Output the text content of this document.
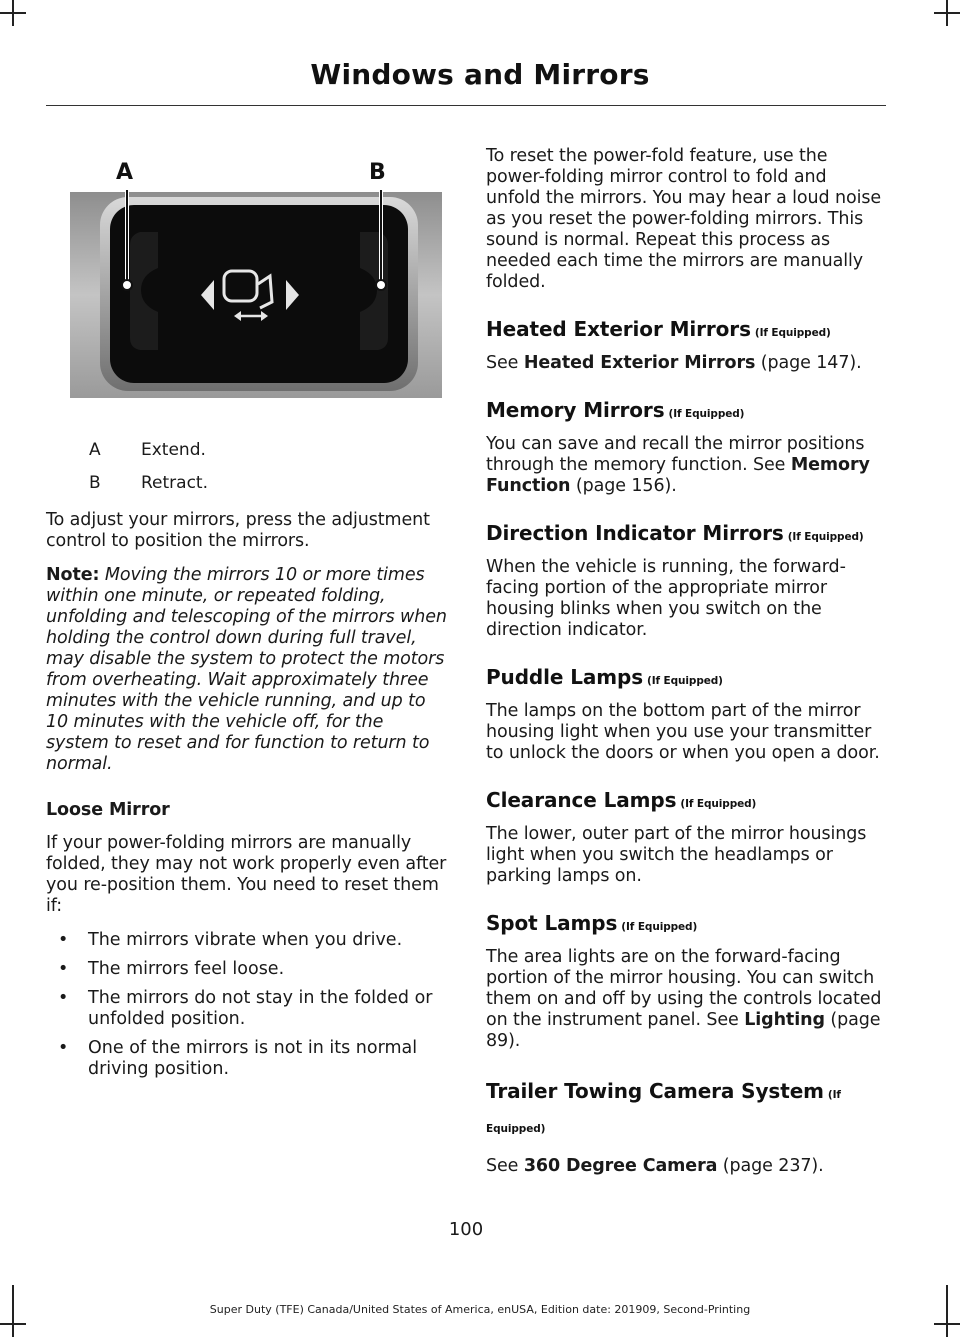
Windows and Mirrors
A	B
A	Extend.
B	Retract.

To adjust your mirrors, press the adjustment control to position the mirrors.

Note: Moving the mirrors 10 or more times within one minute, or repeated folding, unfolding and telescoping of the mirrors when holding the control down during full travel, may disable the system to protect the motors from overheating. Wait approximately three minutes with the vehicle running, and up to 10 minutes with the vehicle off, for the system to reset and for function to return to normal.

Loose Mirror

If your power-folding mirrors are manually folded, they may not work properly even after you re-position them. You need to reset them if:

• The mirrors vibrate when you drive.
• The mirrors feel loose.
• The mirrors do not stay in the folded or unfolded position.
• One of the mirrors is not in its normal driving position.

To reset the power-fold feature, use the power-folding mirror control to fold and unfold the mirrors. You may hear a loud noise as you reset the power-folding mirrors. This sound is normal. Repeat this process as needed each time the mirrors are manually folded.

Heated Exterior Mirrors (If Equipped)

See Heated Exterior Mirrors (page 147).

Memory Mirrors (If Equipped)

You can save and recall the mirror positions through the memory function. See Memory Function (page 156).

Direction Indicator Mirrors (If Equipped)

When the vehicle is running, the forward-facing portion of the appropriate mirror housing blinks when you switch on the direction indicator.

Puddle Lamps (If Equipped)

The lamps on the bottom part of the mirror housing light when you use your transmitter to unlock the doors or when you open a door.

Clearance Lamps (If Equipped)

The lower, outer part of the mirror housings light when you switch the headlamps or parking lamps on.

Spot Lamps (If Equipped)

The area lights are on the forward-facing portion of the mirror housing. You can switch them on and off by using the controls located on the instrument panel. See Lighting (page 89).

Trailer Towing Camera System (If
Equipped)

See 360 Degree Camera (page 237).

100
Super Duty (TFE) Canada/United States of America, enUSA, Edition date: 201909, Second-Printing
